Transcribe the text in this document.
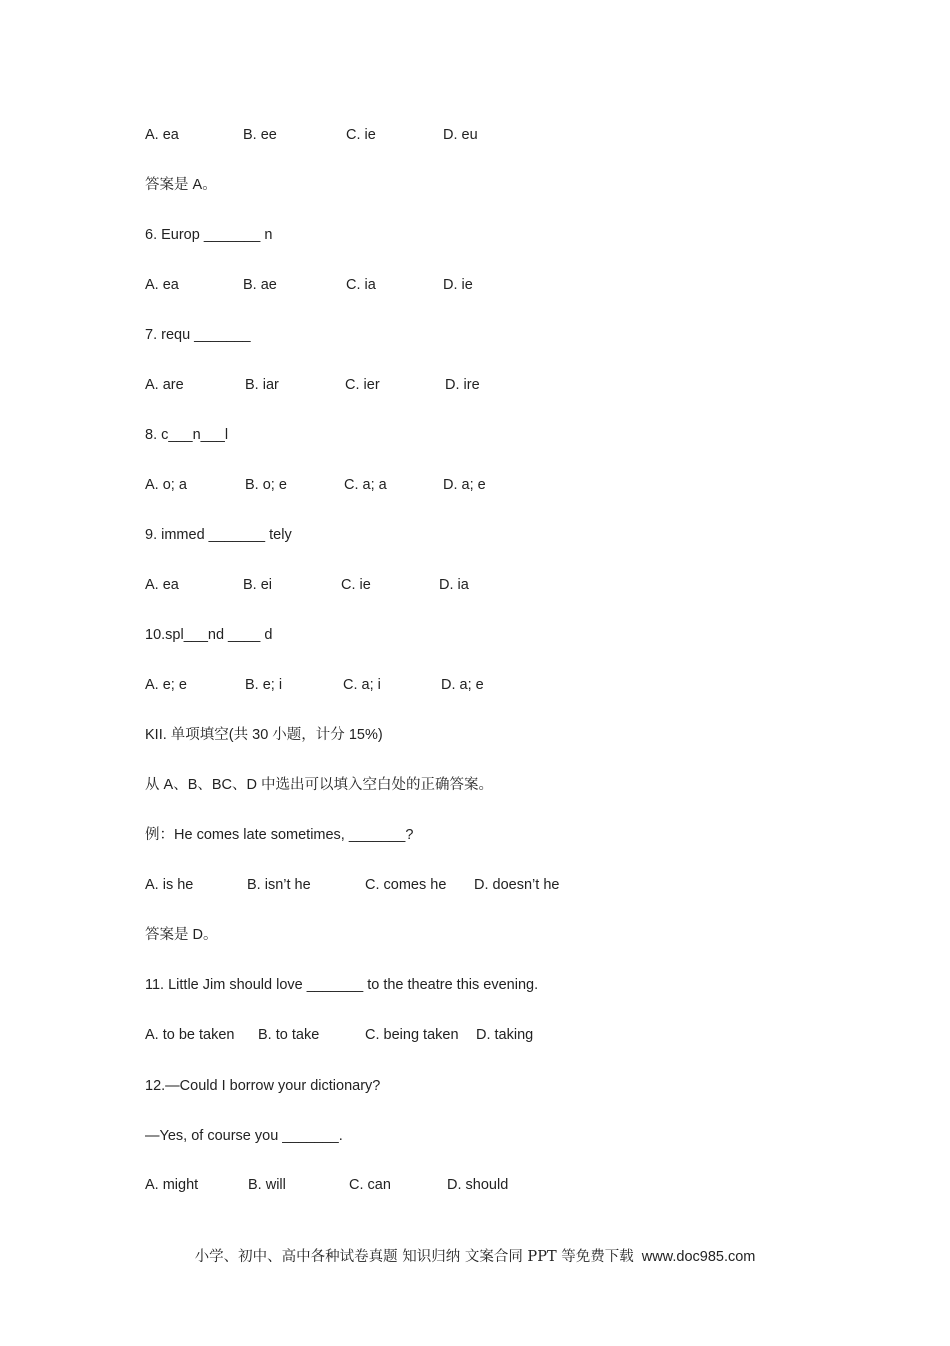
A. ea

	B. ee

	C. ie

	D. eu

答案是 A。
6. Europ _______ n

A. ea

	B. ae

	C. ia

	D. ie

7. requ _______

A. are

	B. iar

	C. ier

	D. ire

8. c___n___l

A. o; a

	B. o; e

	C. a; a

	D. a; e

9. immed _______ tely

A. ea

	B. ei

	C. ie

	D. ia

10.spl___nd ____ d

A. e; e

	B. e; i

	C. a; i

	D. a; e

KII. 单项填空(共 30 小题，计分 15%)
从 A、B、BC、D 中选出可以填入空白处的正确答案。
例：He comes late sometimes, _______?

A. is he

	B. isn’t he

	C. comes he

D. doesn’t he

答案是 D。
11. Little Jim should love _______ to the theatre this evening.

A. to be taken

B. to take

	C. being taken

D. taking

12.—Could I borrow your dictionary?
—Yes, of course you _______.

A. might

	B. will

	C. can

	D. should

小学、初中、高中各种试卷真题 知识归纳 文案合同 PPT 等免费下载 www.doc985.com
